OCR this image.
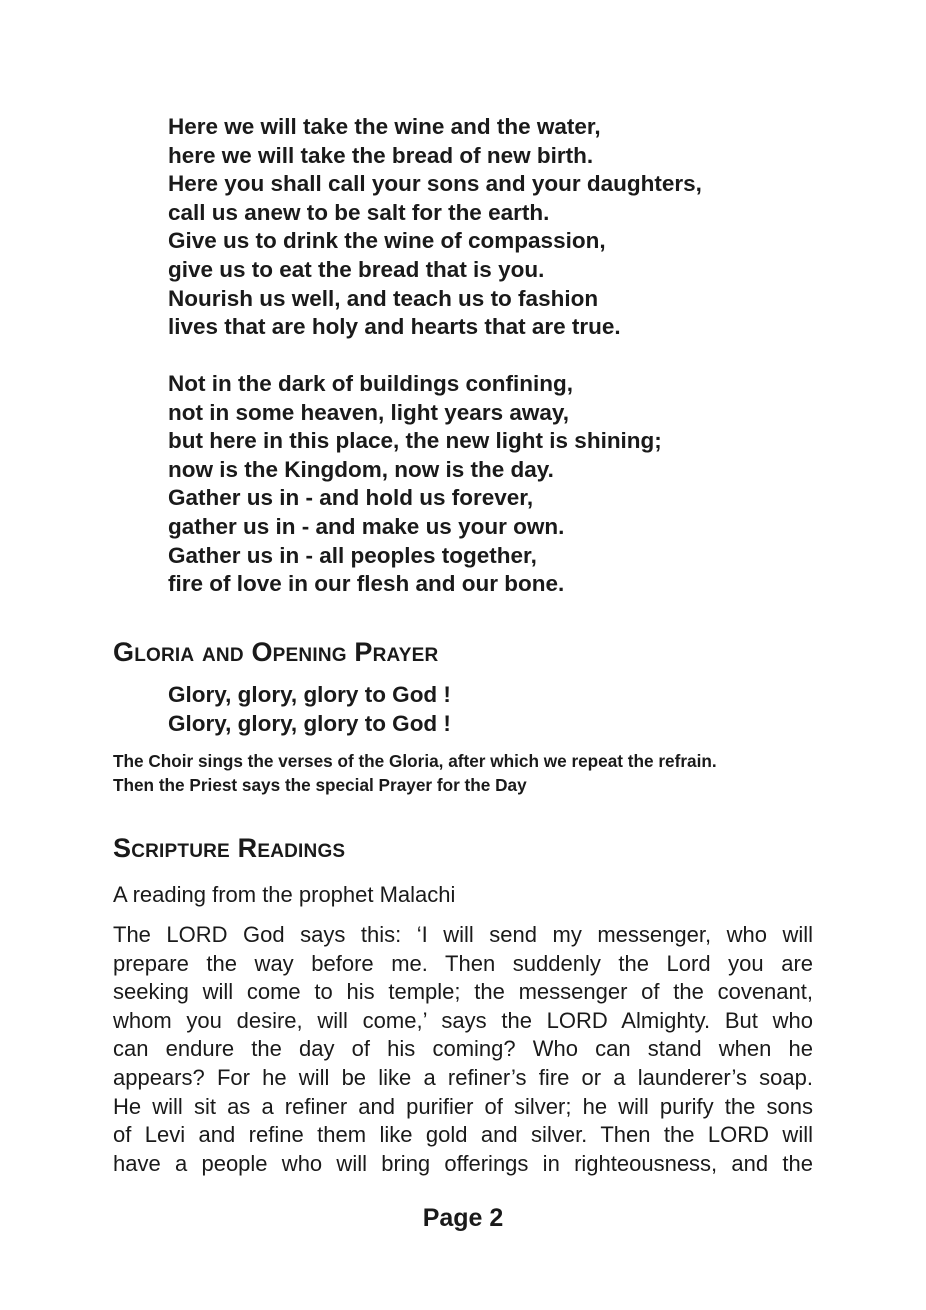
Here we will take the wine and the water,
here we will take the bread of new birth.
Here you shall call your sons and your daughters,
call us anew to be salt for the earth.
Give us to drink the wine of compassion,
give us to eat the bread that is you.
Nourish us well, and teach us to fashion
lives that are holy and hearts that are true.
Not in the dark of buildings confining,
not in some heaven, light years away,
but here in this place, the new light is shining;
now is the Kingdom, now is the day.
Gather us in - and hold us forever,
gather us in - and make us your own.
Gather us in - all peoples together,
fire of love in our flesh and our bone.
Gloria and Opening Prayer
Glory, glory, glory to God !
Glory, glory, glory to God !
The Choir sings the verses of the Gloria, after which we repeat the refrain.
Then the Priest says the special Prayer for the Day
Scripture Readings

A reading from the prophet Malachi

The LORD God says this: ‘I will send my messenger, who will
prepare the way before me. Then suddenly the Lord you are
seeking will come to his temple; the messenger of the covenant,
whom you desire, will come,’ says the LORD Almighty. But who
can endure the day of his coming? Who can stand when he
appears? For he will be like a refiner’s fire or a launderer’s soap.
He will sit as a refiner and purifier of silver; he will purify the sons
of Levi and refine them like gold and silver. Then the LORD will
have a people who will bring offerings in righteousness, and the

Page 2
